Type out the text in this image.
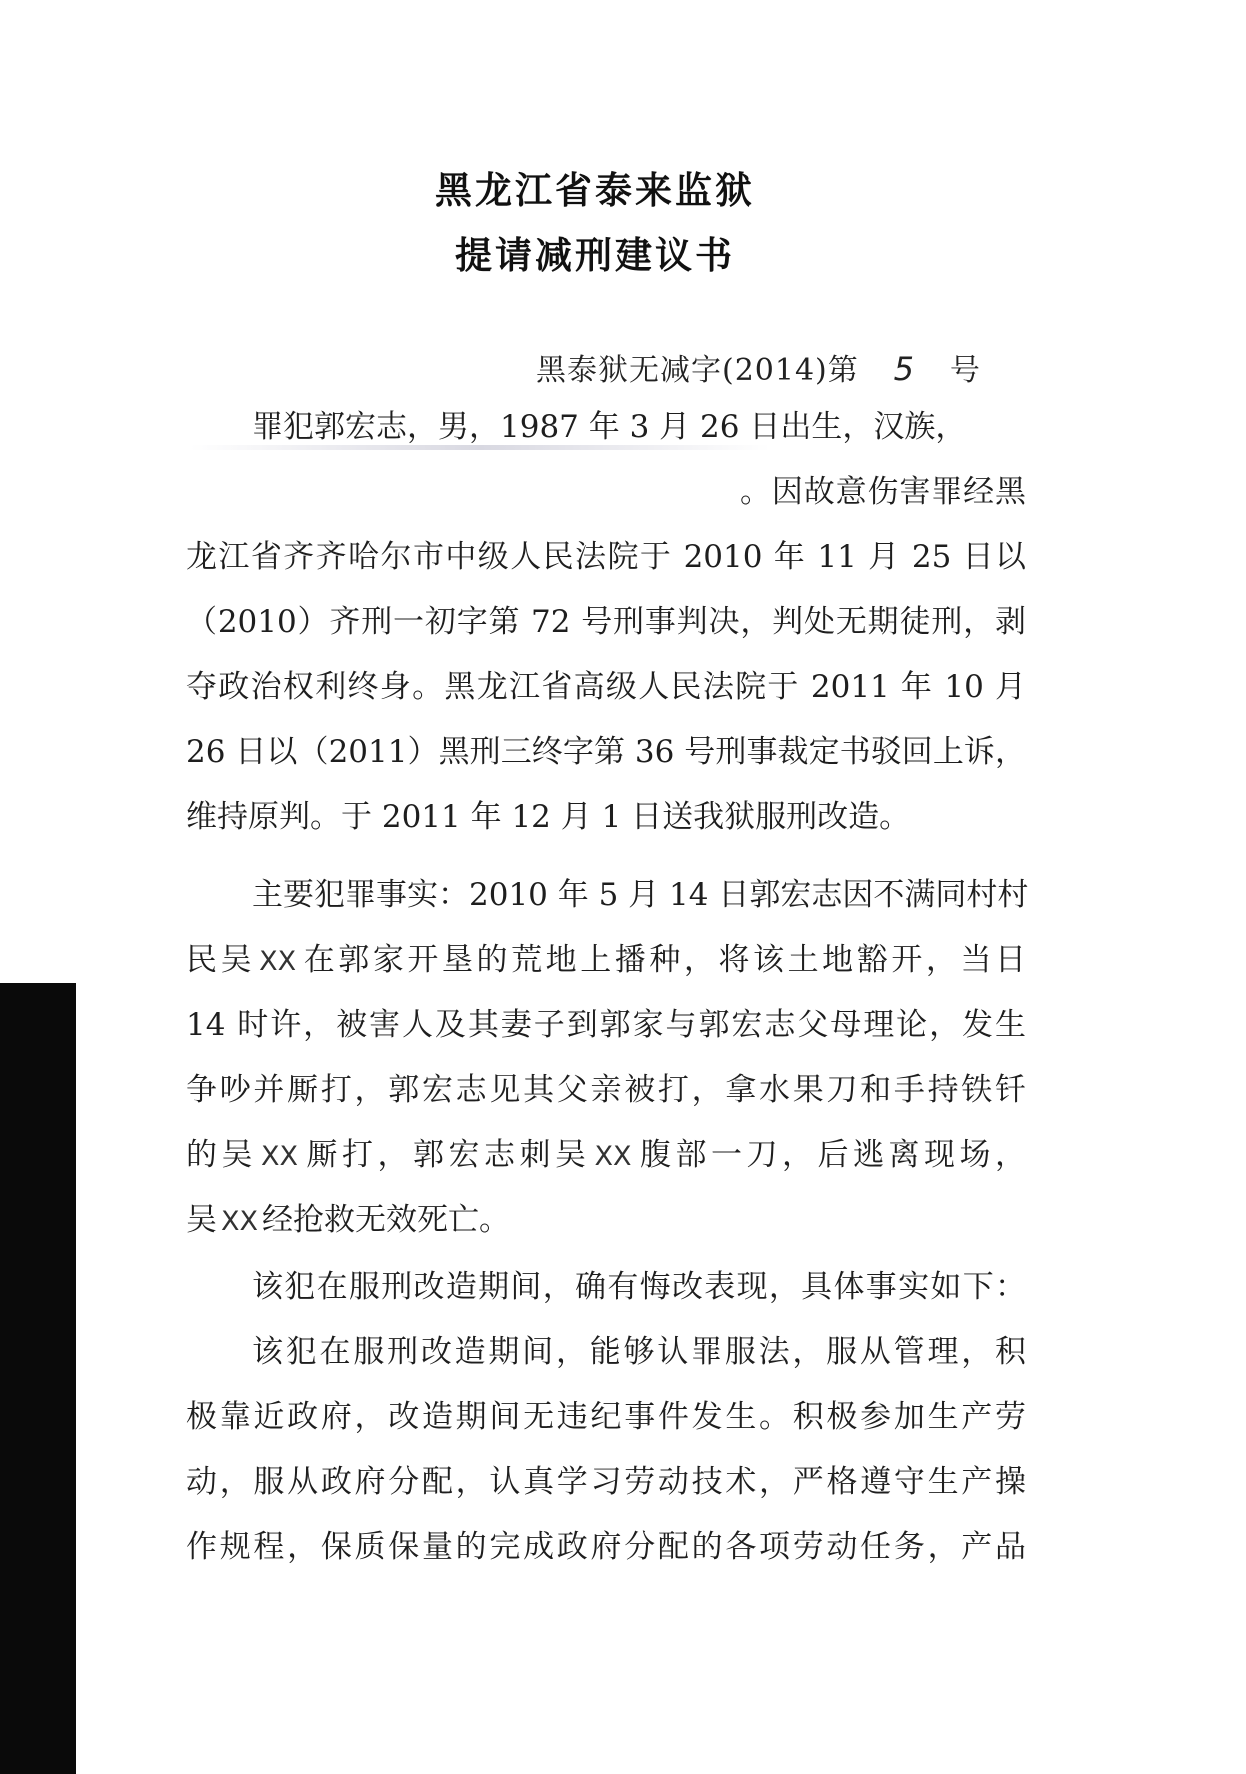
黑龙江省泰来监狱
提请减刑建议书
黑泰狱无减字(2014)第 5 号
罪犯郭宏志，男，1987 年 3 月 26 日出生，汉族，
。因故意伤害罪经黑
龙江省齐齐哈尔市中级人民法院于 2010 年 11 月 25 日以
（2010）齐刑一初字第 72 号刑事判决，判处无期徒刑，剥
夺政治权利终身。黑龙江省高级人民法院于 2011 年 10 月
26 日以（2011）黑刑三终字第 36 号刑事裁定书驳回上诉，
维持原判。于 2011 年 12 月 1 日送我狱服刑改造。
主要犯罪事实：2010 年 5 月 14 日郭宏志因不满同村村
民吴 XX 在郭家开垦的荒地上播种，将该土地豁开，当日
14 时许，被害人及其妻子到郭家与郭宏志父母理论，发生
争吵并厮打，郭宏志见其父亲被打，拿水果刀和手持铁钎
的吴 XX 厮打，郭宏志刺吴 XX 腹部一刀，后逃离现场，
吴 XX 经抢救无效死亡。
该犯在服刑改造期间，确有悔改表现，具体事实如下：
该犯在服刑改造期间，能够认罪服法，服从管理，积
极靠近政府，改造期间无违纪事件发生。积极参加生产劳
动，服从政府分配，认真学习劳动技术，严格遵守生产操
作规程，保质保量的完成政府分配的各项劳动任务，产品
